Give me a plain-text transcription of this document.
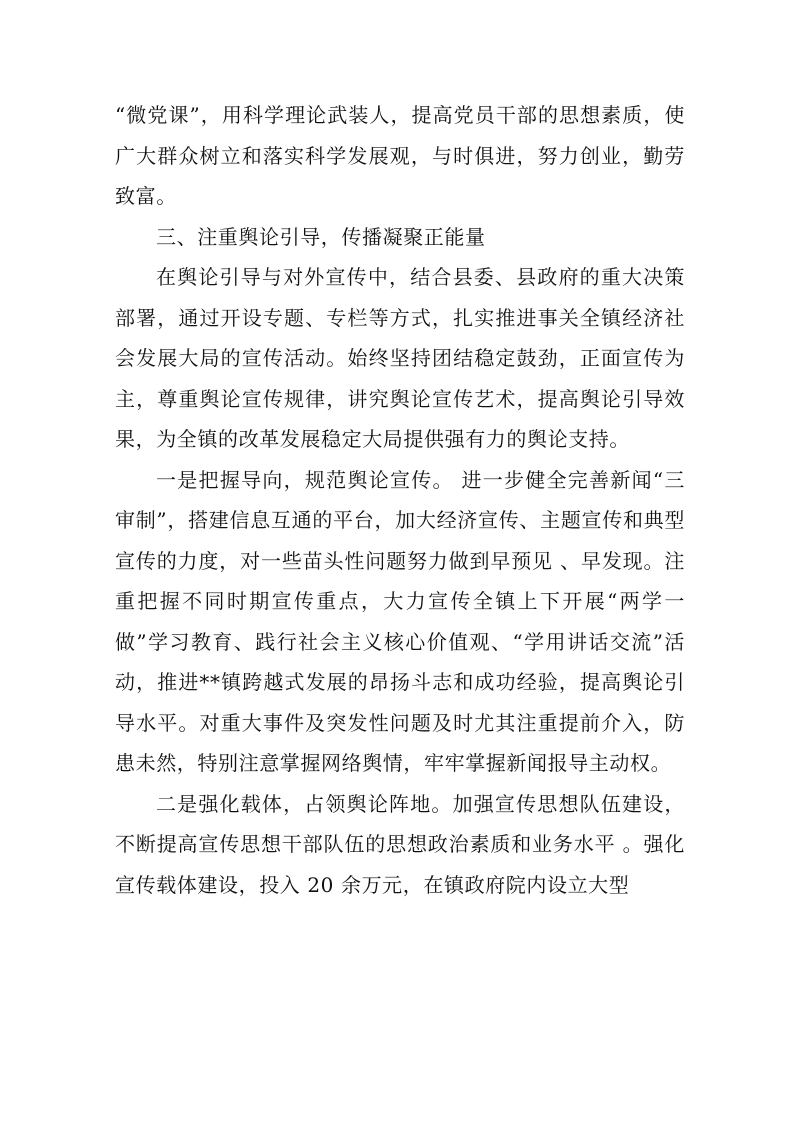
“微党课”，用科学理论武装人，提高党员干部的思想素质，使广大群众树立和落实科学发展观，与时俱进，努力创业，勤劳致富。

三、注重舆论引导，传播凝聚正能量

在舆论引导与对外宣传中，结合县委、县政府的重大决策部署，通过开设专题、专栏等方式，扎实推进事关全镇经济社会发展大局的宣传活动。始终坚持团结稳定鼓劲，正面宣传为主，尊重舆论宣传规律，讲究舆论宣传艺术，提高舆论引导效果，为全镇的改革发展稳定大局提供强有力的舆论支持。

一是把握导向，规范舆论宣传。 进一步健全完善新闻“三审制”，搭建信息互通的平台，加大经济宣传、主题宣传和典型宣传的力度，对一些苗头性问题努力做到早预见 、早发现。注重把握不同时期宣传重点，大力宣传全镇上下开展“两学一做”学习教育、践行社会主义核心价值观、“学用讲话交流”活动，推进**镇跨越式发展的昂扬斗志和成功经验，提高舆论引导水平。对重大事件及突发性问题及时尤其注重提前介入，防患未然，特别注意掌握网络舆情，牢牢掌握新闻报导主动权。

二是强化载体，占领舆论阵地。加强宣传思想队伍建设，不断提高宣传思想干部队伍的思想政治素质和业务水平 。强化宣传载体建设，投入 20 余万元，在镇政府院内设立大型
